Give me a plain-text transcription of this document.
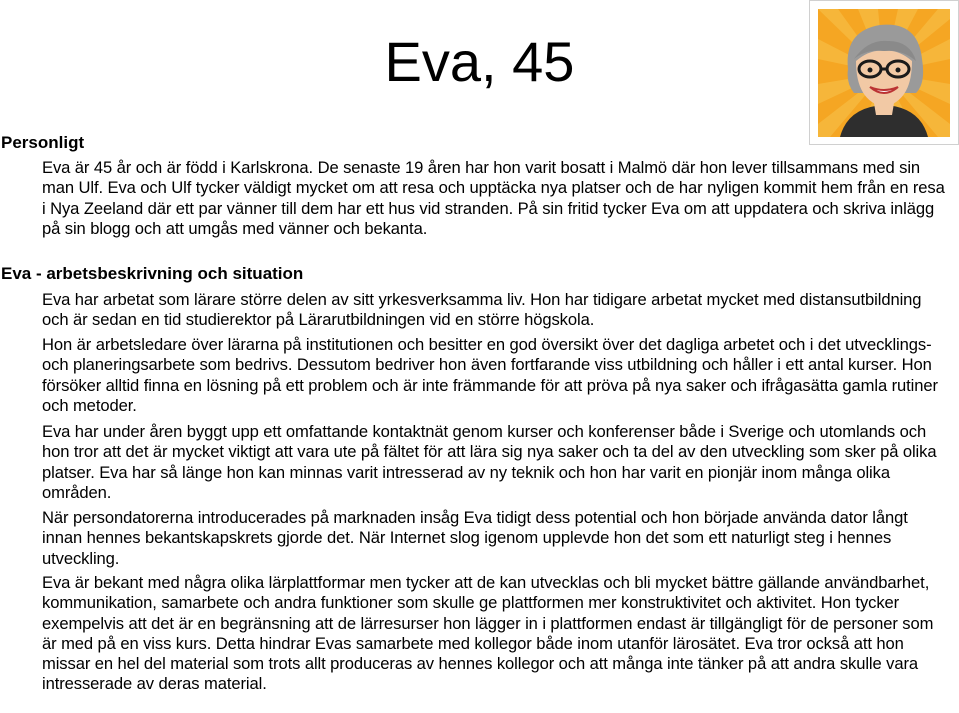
Eva, 45
Personligt

Eva är 45 år och är född i Karlskrona. De senaste 19 åren har hon varit bosatt i Malmö där hon lever tillsammans med sin man Ulf. Eva och Ulf tycker väldigt mycket om att resa och upptäcka nya platser och de har nyligen kommit hem från en resa i Nya Zeeland där ett par vänner till dem har ett hus vid stranden. På sin fritid tycker Eva om att uppdatera och skriva inlägg på sin blogg och att umgås med vänner och bekanta.

Eva - arbetsbeskrivning och situation

Eva har arbetat som lärare större delen av sitt yrkesverksamma liv. Hon har tidigare arbetat mycket med distansutbildning och är sedan en tid studierektor på Lärarutbildningen vid en större högskola.

Hon är arbetsledare över lärarna på institutionen och besitter en god översikt över det dagliga arbetet och i det utvecklings- och planeringsarbete som bedrivs. Dessutom bedriver hon även fortfarande viss utbildning och håller i ett antal kurser. Hon försöker alltid finna en lösning på ett problem och är inte främmande för att pröva på nya saker och ifrågasätta gamla rutiner och metoder.

Eva har under åren byggt upp ett omfattande kontaktnät genom kurser och konferenser både i Sverige och utomlands och hon tror att det är mycket viktigt att vara ute på fältet för att lära sig nya saker och ta del av den utveckling som sker på olika platser. Eva har så länge hon kan minnas varit intresserad av ny teknik och hon har varit en pionjär inom många olika områden.

När persondatorerna introducerades på marknaden insåg Eva tidigt dess potential och hon började använda dator långt innan hennes bekantskapskrets gjorde det. När Internet slog igenom upplevde hon det som ett naturligt steg i hennes utveckling.

Eva är bekant med några olika lärplattformar men tycker att de kan utvecklas och bli mycket bättre gällande användbarhet, kommunikation, samarbete och andra funktioner som skulle ge plattformen mer konstruktivitet och aktivitet. Hon tycker exempelvis att det är en begränsning att de lärresurser hon lägger in i plattformen endast är tillgängligt för de personer som är med på en viss kurs. Detta hindrar Evas samarbete med kollegor både inom utanför lärosätet. Eva tror också att hon missar en hel del material som trots allt produceras av hennes kollegor och att många inte tänker på att andra skulle vara intresserade av deras material.
